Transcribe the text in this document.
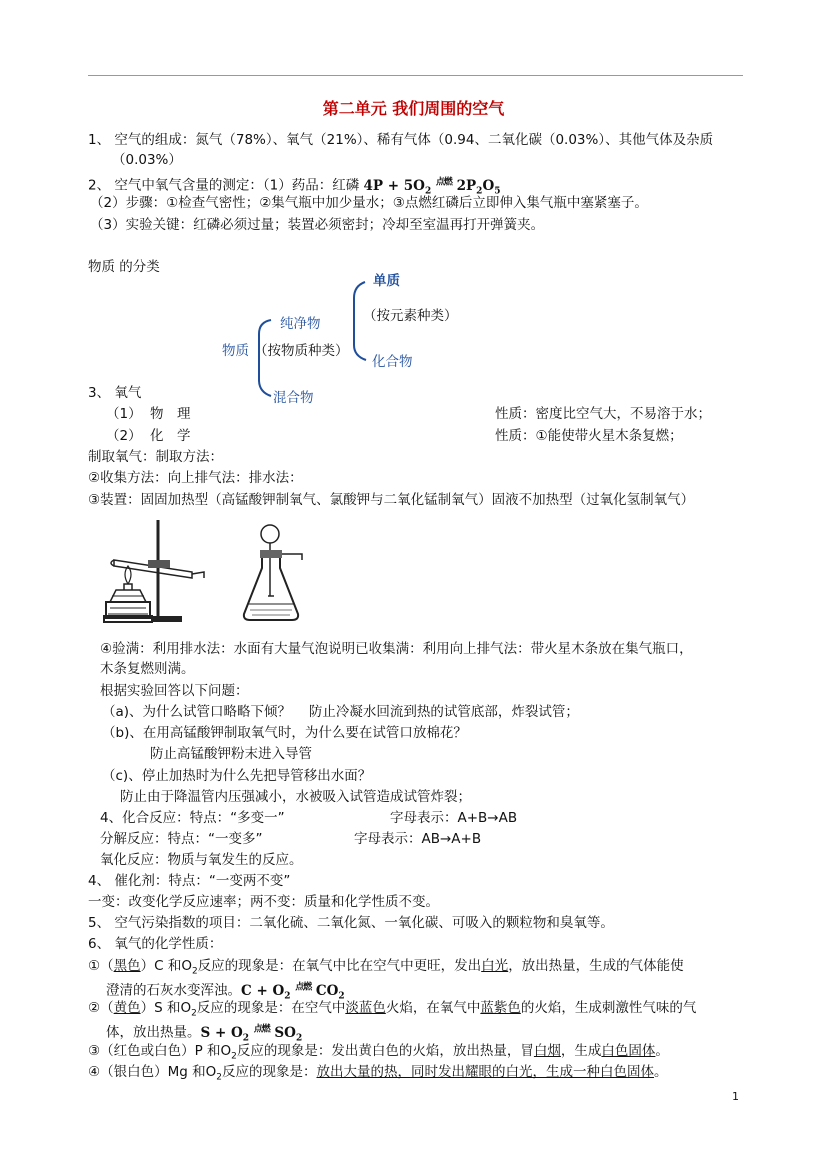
第二单元 我们周围的空气
1、 空气的组成：氮气（78%）、氧气（21%）、稀有气体（0.94、二氧化碳（0.03%）、其他气体及杂质
（0.03%）
2、 空气中氧气含量的测定：（1）药品：红磷 $4P + 5O_2$ $^{点燃}$ $2P_2O_5$
（2）步骤：①检查气密性；②集气瓶中加少量水；③点燃红磷后立即伸入集气瓶中塞紧塞子。
（3）实验关键：红磷必须过量；装置必须密封；冷却至室温再打开弹簧夹。
物质 的分类
物质 （按物质种类）
纯净物
混合物
单质
（按元素种类）
化合物
3、 氧气
（1） 物　理	性质：密度比空气大，不易溶于水；
（2） 化　学	性质：①能使带火星木条复燃；
制取氧气：制取方法：
②收集方法：向上排气法：排水法：
③装置：固固加热型（高锰酸钾制氧气、氯酸钾与二氧化锰制氧气）固液不加热型（过氧化氢制氧气）
④验满：利用排水法：水面有大量气泡说明已收集满：利用向上排气法：带火星木条放在集气瓶口，
木条复燃则满。
根据实验回答以下问题：
（a)、为什么试管口略略下倾？　 防止冷凝水回流到热的试管底部，炸裂试管；
（b)、在用高锰酸钾制取氧气时，为什么要在试管口放棉花？
防止高锰酸钾粉末进入导管
（c)、停止加热时为什么先把导管移出水面？
防止由于降温管内压强减小，水被吸入试管造成试管炸裂；
4、化合反应：特点：“多变一”	字母表示：A+B→AB
分解反应：特点：“一变多”	字母表示：AB→A+B
氧化反应：物质与氧发生的反应。
4、 催化剂：特点：“一变两不变”
一变：改变化学反应速率；两不变：质量和化学性质不变。
5、 空气污染指数的项目：二氧化硫、二氧化氮、一氧化碳、可吸入的颗粒物和臭氧等。
6、 氧气的化学性质：
①（黑色）C 和$O_2$反应的现象是：在氧气中比在空气中更旺，发出白光，放出热量，生成的气体能使
澄清的石灰水变浑浊。$C + O_2$ $^{点燃}$ $CO_2$
②（黄色）S 和$O_2$反应的现象是：在空气中淡蓝色火焰，在氧气中蓝紫色的火焰，生成刺激性气味的气
体，放出热量。$S + O_2$ $^{点燃}$ $SO_2$
③（红色或白色）P 和$O_2$反应的现象是：发出黄白色的火焰，放出热量，冒白烟，生成白色固体。
④（银白色）Mg 和$O_2$反应的现象是：放出大量的热，同时发出耀眼的白光，生成一种白色固体。
1
